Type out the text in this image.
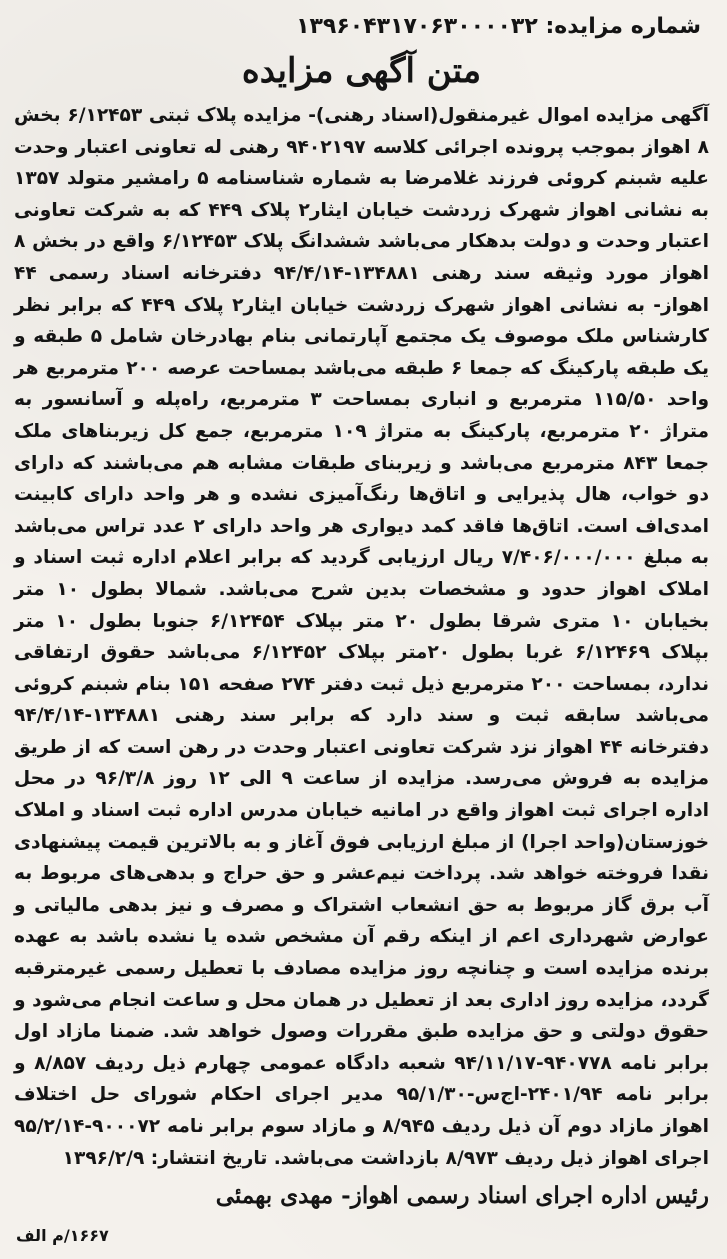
شماره مزایده: ۱۳۹۶۰۴۳۱۷۰۶۳۰۰۰۰۳۲
متن آگهی مزایده
آگهی مزایده اموال غیرمنقول(اسناد رهنی)- مزایده پلاک ثبتی ۶/۱۲۴۵۳ بخش ۸ اهواز بموجب پرونده اجرائی کلاسه ۹۴۰۲۱۹۷ رهنی له تعاونی اعتبار وحدت علیه شبنم کروئی فرزند غلامرضا به شماره شناسنامه ۵ رامشیر متولد ۱۳۵۷ به نشانی اهواز شهرک زردشت خیابان ایثار۲ پلاک ۴۴۹ که به شرکت تعاونی اعتبار وحدت و دولت بدهکار می‌باشد ششدانگ پلاک ۶/۱۲۴۵۳ واقع در بخش ۸ اهواز مورد وثیقه سند رهنی ۱۳۴۸۸۱-۹۴/۴/۱۴ دفترخانه اسناد رسمی ۴۴ اهواز- به نشانی اهواز شهرک زردشت خیابان ایثار۲ پلاک ۴۴۹ که برابر نظر کارشناس ملک موصوف یک مجتمع آپارتمانی بنام بهادرخان شامل ۵ طبقه و یک طبقه پارکینگ که جمعا ۶ طبقه می‌باشد بمساحت عرصه ۲۰۰ مترمربع هر واحد ۱۱۵/۵۰ مترمربع و انباری بمساحت ۳ مترمربع، راه‌پله و آسانسور به متراژ ۲۰ مترمربع، پارکینگ به متراژ ۱۰۹ مترمربع، جمع کل زیربناهای ملک جمعا ۸۴۳ مترمربع می‌باشد و زیربنای طبقات مشابه هم می‌باشند که دارای دو خواب، هال پذیرایی و اتاق‌ها رنگ‌آمیزی نشده و هر واحد دارای کابینت امدی‌اف است. اتاق‌ها فاقد کمد دیواری هر واحد دارای ۲ عدد تراس می‌باشد به مبلغ ۷/۴۰۶/۰۰۰/۰۰۰ ریال ارزیابی گردید که برابر اعلام اداره ثبت اسناد و املاک اهواز حدود و مشخصات بدین شرح می‌باشد. شمالا بطول ۱۰ متر بخیابان ۱۰ متری شرقا بطول ۲۰ متر بپلاک ۶/۱۲۴۵۴ جنوبا بطول ۱۰ متر بپلاک ۶/۱۲۴۶۹ غربا بطول ۲۰متر بپلاک ۶/۱۲۴۵۲ می‌باشد حقوق ارتفاقی ندارد، بمساحت ۲۰۰ مترمربع ذیل ثبت دفتر ۲۷۴ صفحه ۱۵۱ بنام شبنم کروئی می‌باشد سابقه ثبت و سند دارد که برابر سند رهنی ۱۳۴۸۸۱-۹۴/۴/۱۴ دفترخانه ۴۴ اهواز نزد شرکت تعاونی اعتبار وحدت در رهن است که از طریق مزایده به فروش می‌رسد. مزایده از ساعت ۹ الی ۱۲ روز ۹۶/۳/۸ در محل اداره اجرای ثبت اهواز واقع در امانیه خیابان مدرس اداره ثبت اسناد و املاک خوزستان(واحد اجرا) از مبلغ ارزیابی فوق آغاز و به بالاترین قیمت پیشنهادی نقدا فروخته خواهد شد. پرداخت نیم‌عشر و حق حراج و بدهی‌های مربوط به آب برق گاز مربوط به حق انشعاب اشتراک و مصرف و نیز بدهی مالیاتی و عوارض شهرداری اعم از اینکه رقم آن مشخص شده یا نشده باشد به عهده برنده مزایده است و چنانچه روز مزایده مصادف با تعطیل رسمی غیرمترقبه گردد، مزایده روز اداری بعد از تعطیل در همان محل و ساعت انجام می‌شود و حقوق دولتی و حق مزایده طبق مقررات وصول خواهد شد. ضمنا مازاد اول برابر نامه ۹۴۰۷۷۸-۹۴/۱۱/۱۷ شعبه دادگاه عمومی چهارم ذیل ردیف ۸/۸۵۷ و برابر نامه ۲۴۰۱/۹۴-اج‌س-۹۵/۱/۳۰ مدیر اجرای احکام شورای حل اختلاف اهواز مازاد دوم آن ذیل ردیف ۸/۹۴۵ و مازاد سوم برابر نامه ۹۰۰۰۷۲-۹۵/۲/۱۴ اجرای اهواز ذیل ردیف ۸/۹۷۳ بازداشت می‌باشد. تاریخ انتشار: ۱۳۹۶/۲/۹
رئیس اداره اجرای اسناد رسمی اهواز- مهدی بهمئی
۱۶۶۷/م الف
